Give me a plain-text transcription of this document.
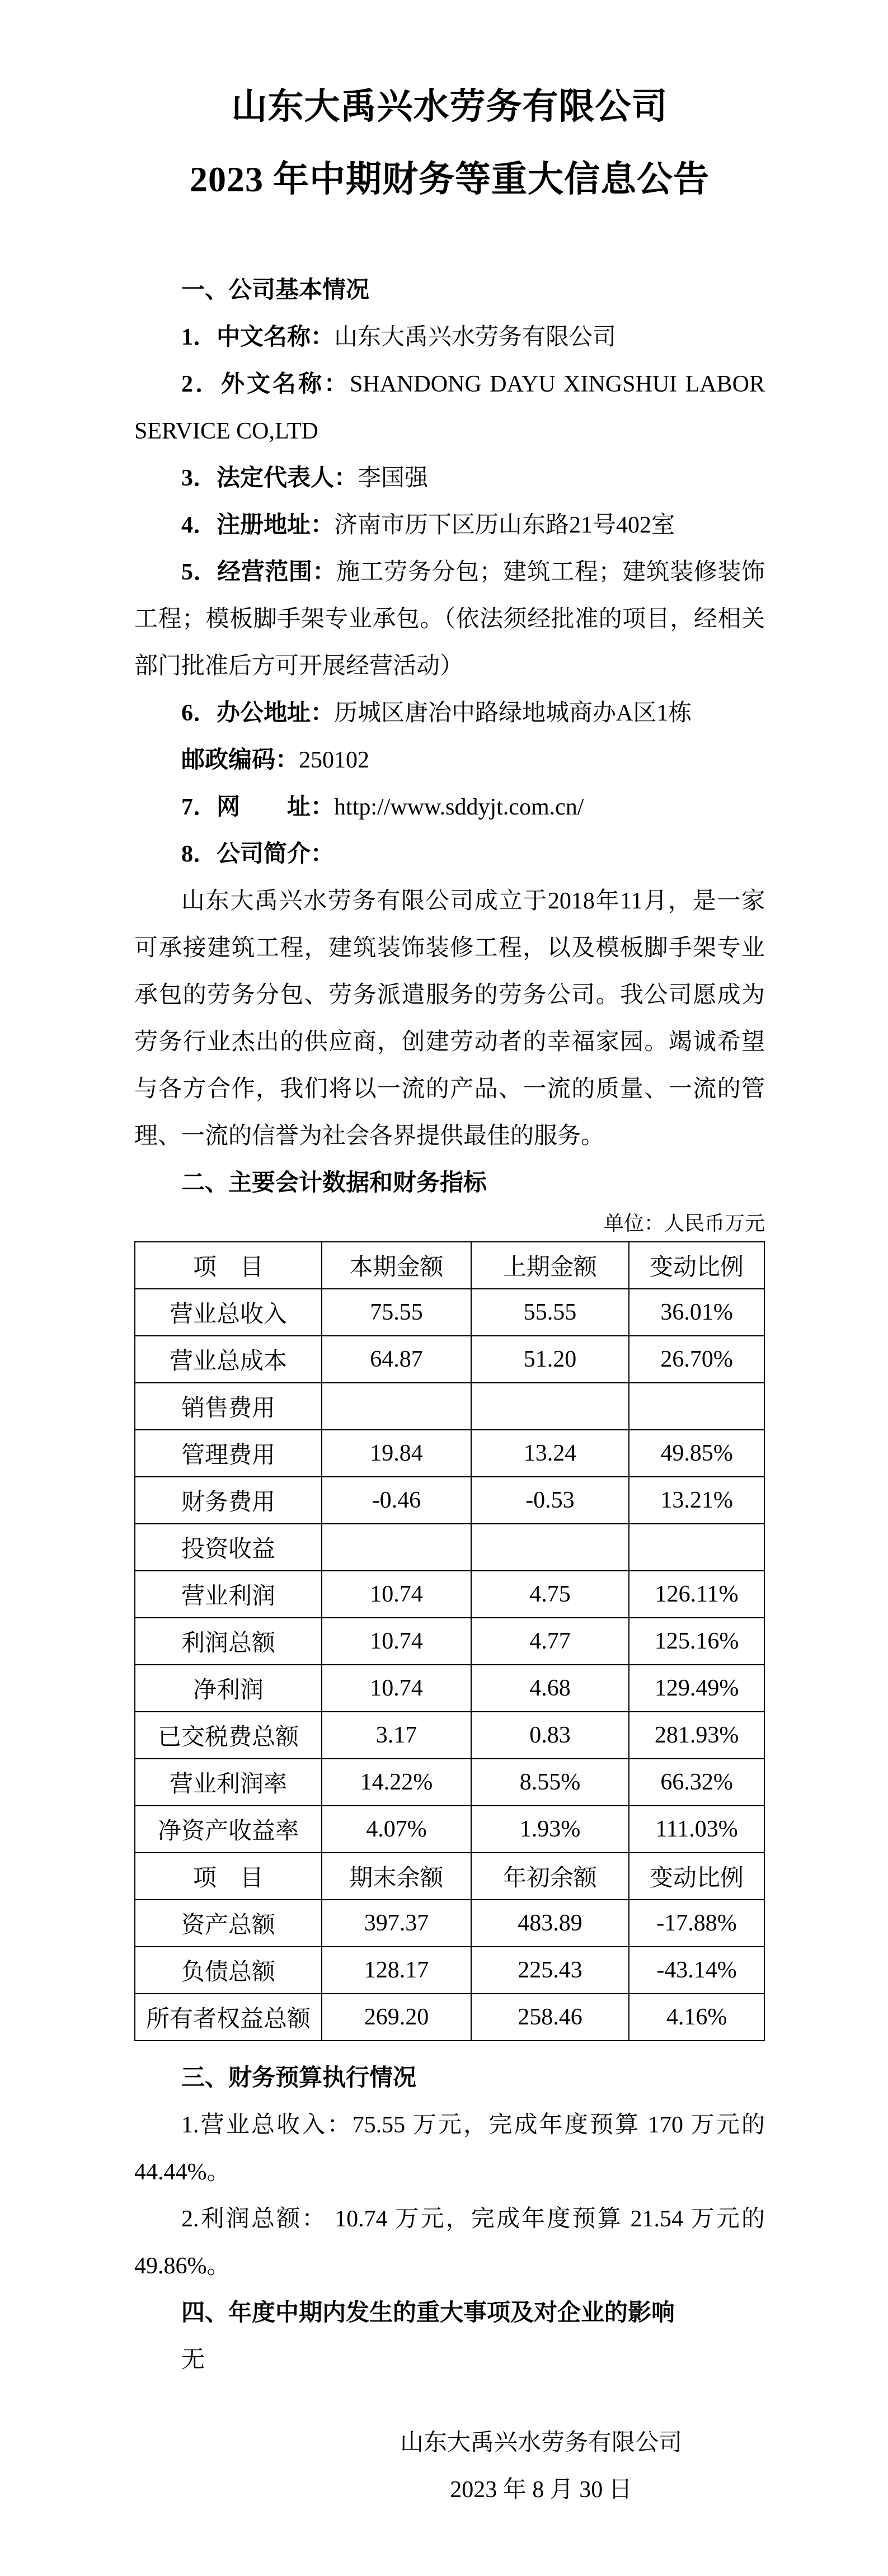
山东大禹兴水劳务有限公司
2023 年中期财务等重大信息公告
一、公司基本情况

1．中文名称：山东大禹兴水劳务有限公司

2．外文名称：SHANDONG DAYU XINGSHUI LABOR SERVICE CO,LTD

3．法定代表人：李国强

4．注册地址：济南市历下区历山东路21号402室

5．经营范围：施工劳务分包；建筑工程；建筑装修装饰工程；模板脚手架专业承包。（依法须经批准的项目，经相关部门批准后方可开展经营活动）

6．办公地址：历城区唐冶中路绿地城商办A区1栋

邮政编码：250102

7．网　　址：http://www.sddyjt.com.cn/

8．公司简介：

山东大禹兴水劳务有限公司成立于2018年11月，是一家可承接建筑工程，建筑装饰装修工程，以及模板脚手架专业承包的劳务分包、劳务派遣服务的劳务公司。我公司愿成为劳务行业杰出的供应商，创建劳动者的幸福家园。竭诚希望与各方合作，我们将以一流的产品、一流的质量、一流的管理、一流的信誉为社会各界提供最佳的服务。

二、主要会计数据和财务指标

单位：人民币万元

项　目	本期金额	上期金额	变动比例
营业总收入	75.55	55.55	36.01%
营业总成本	64.87	51.20	26.70%
销售费用			
管理费用	19.84	13.24	49.85%
财务费用	-0.46	-0.53	13.21%
投资收益			
营业利润	10.74	4.75	126.11%
利润总额	10.74	4.77	125.16%
净利润	10.74	4.68	129.49%
已交税费总额	3.17	0.83	281.93%
营业利润率	14.22%	8.55%	66.32%
净资产收益率	4.07%	1.93%	111.03%
项　目	期末余额	年初余额	变动比例
资产总额	397.37	483.89	-17.88%
负债总额	128.17	225.43	-43.14%
所有者权益总额	269.20	258.46	4.16%
三、财务预算执行情况

1.营业总收入：75.55 万元，完成年度预算 170 万元的 44.44%。

2.利润总额： 10.74 万元，完成年度预算 21.54 万元的 49.86%。

四、年度中期内发生的重大事项及对企业的影响

无

山东大禹兴水劳务有限公司

2023 年 8 月 30 日
